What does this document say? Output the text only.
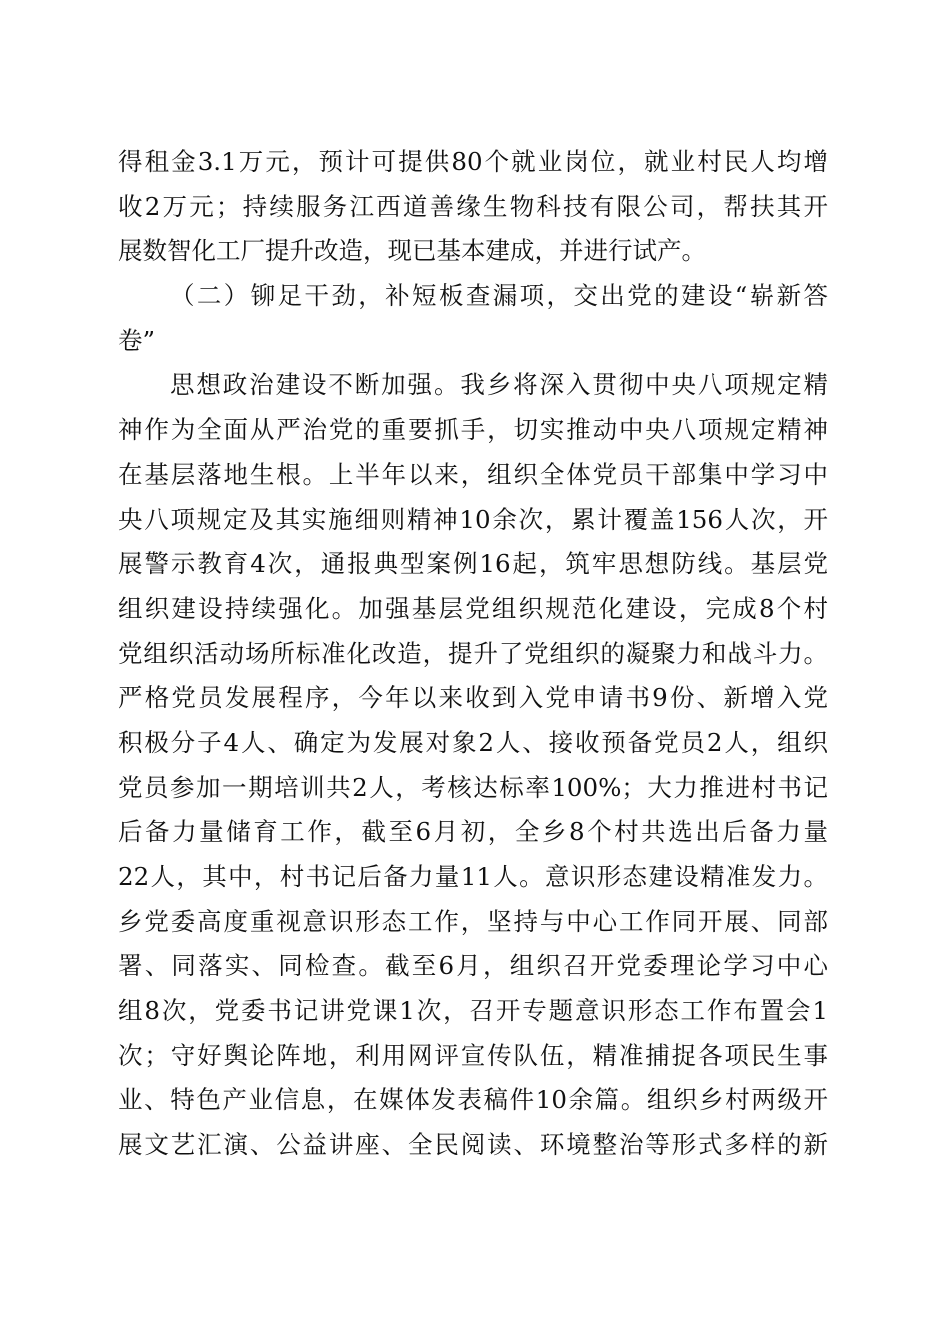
得租金3.1万元，预计可提供80个就业岗位，就业村民人均增
收2万元；持续服务江西道善缘生物科技有限公司，帮扶其开
展数智化工厂提升改造，现已基本建成，并进行试产。
（二）铆足干劲，补短板查漏项，交出党的建设“崭新答
卷”
思想政治建设不断加强。我乡将深入贯彻中央八项规定精
神作为全面从严治党的重要抓手，切实推动中央八项规定精神
在基层落地生根。上半年以来，组织全体党员干部集中学习中
央八项规定及其实施细则精神10余次，累计覆盖156人次，开
展警示教育4次，通报典型案例16起，筑牢思想防线。基层党
组织建设持续强化。加强基层党组织规范化建设，完成8个村
党组织活动场所标准化改造，提升了党组织的凝聚力和战斗力。
严格党员发展程序，今年以来收到入党申请书9份、新增入党
积极分子4人、确定为发展对象2人、接收预备党员2人，组织
党员参加一期培训共2人，考核达标率100%；大力推进村书记
后备力量储育工作，截至6月初，全乡8个村共选出后备力量
22人，其中，村书记后备力量11人。意识形态建设精准发力。
乡党委高度重视意识形态工作，坚持与中心工作同开展、同部
署、同落实、同检查。截至6月，组织召开党委理论学习中心
组8次，党委书记讲党课1次，召开专题意识形态工作布置会1
次；守好舆论阵地，利用网评宣传队伍，精准捕捉各项民生事
业、特色产业信息，在媒体发表稿件10余篇。组织乡村两级开
展文艺汇演、公益讲座、全民阅读、环境整治等形式多样的新
